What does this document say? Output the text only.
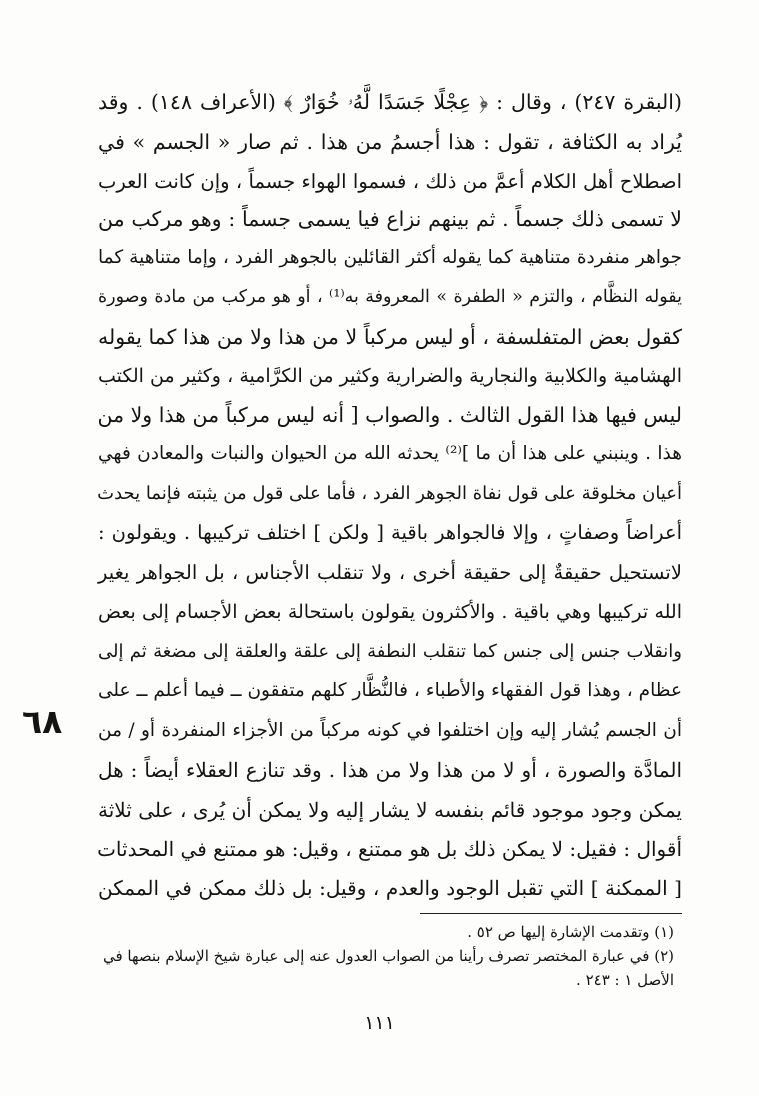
(البقرة ٢٤٧) ، وقال : ﴿ عِجْلًا جَسَدًا لَّهُۥ خُوَارٌ ﴾ (الأعراف ١٤٨) . وقد
يُراد به الكثافة ، تقول : هذا أجسمُ من هذا . ثم صار « الجسم » في
اصطلاح أهل الكلام أعمَّ من ذلك ، فسموا الهواء جسماً ، وإن كانت العرب
لا تسمى ذلك جسماً . ثم بينهم نزاع فيا يسمى جسماً : وهو مركب من
جواهر منفردة متناهية كما يقوله أكثر القائلين بالجوهر الفرد ، وإما متناهية كما
يقوله النظَّام ، والتزم « الطفرة » المعروفة به⁽¹⁾ ، أو هو مركب من مادة وصورة
كقول بعض المتفلسفة ، أو ليس مركباً لا من هذا ولا من هذا كما يقوله
الهشامية والكلابية والنجارية والضرارية وكثير من الكرَّامية ، وكثير من الكتب
ليس فيها هذا القول الثالث . والصواب [ أنه ليس مركباً من هذا ولا من
هذا . وينبني على هذا أن ما ]⁽²⁾ يحدثه الله من الحيوان والنبات والمعادن فهي
أعيان مخلوقة على قول نفاة الجوهر الفرد ، فأما على قول من يثبته فإنما يحدث
أعراضاً وصفاتٍ ، وإلا فالجواهر باقية [ ولكن ] اختلف تركيبها . ويقولون :
لاتستحيل حقيقةٌ إلى حقيقة أخرى ، ولا تنقلب الأجناس ، بل الجواهر يغير
الله تركيبها وهي باقية . والأكثرون يقولون باستحالة بعض الأجسام إلى بعض
وانقلاب جنس إلى جنس كما تنقلب النطفة إلى علقة والعلقة إلى مضغة ثم إلى
عظام ، وهذا قول الفقهاء والأطباء ، فالنُّظَّار كلهم متفقون ــ فيما أعلم ــ على
أن الجسم يُشار إليه وإن اختلفوا في كونه مركباً من الأجزاء المنفردة أو / من
المادَّة والصورة ، أو لا من هذا ولا من هذا . وقد تنازع العقلاء أيضاً : هل
يمكن وجود موجود قائم بنفسه لا يشار إليه ولا يمكن أن يُرى ، على ثلاثة
أقوال : فقيل: لا يمكن ذلك بل هو ممتنع ، وقيل: هو ممتنع في المحدثات
[ الممكنة ] التي تقبل الوجود والعدم ، وقيل: بل ذلك ممكن في الممكن
٦٨
(١) وتقدمت الإشارة إليها ص ٥٢ .
(٢) في عبارة المختصر تصرف رأينا من الصواب العدول عنه إلى عبارة شيخ الإسلام بنصها في
الأصل ١ : ٢٤٣ .
١١١
